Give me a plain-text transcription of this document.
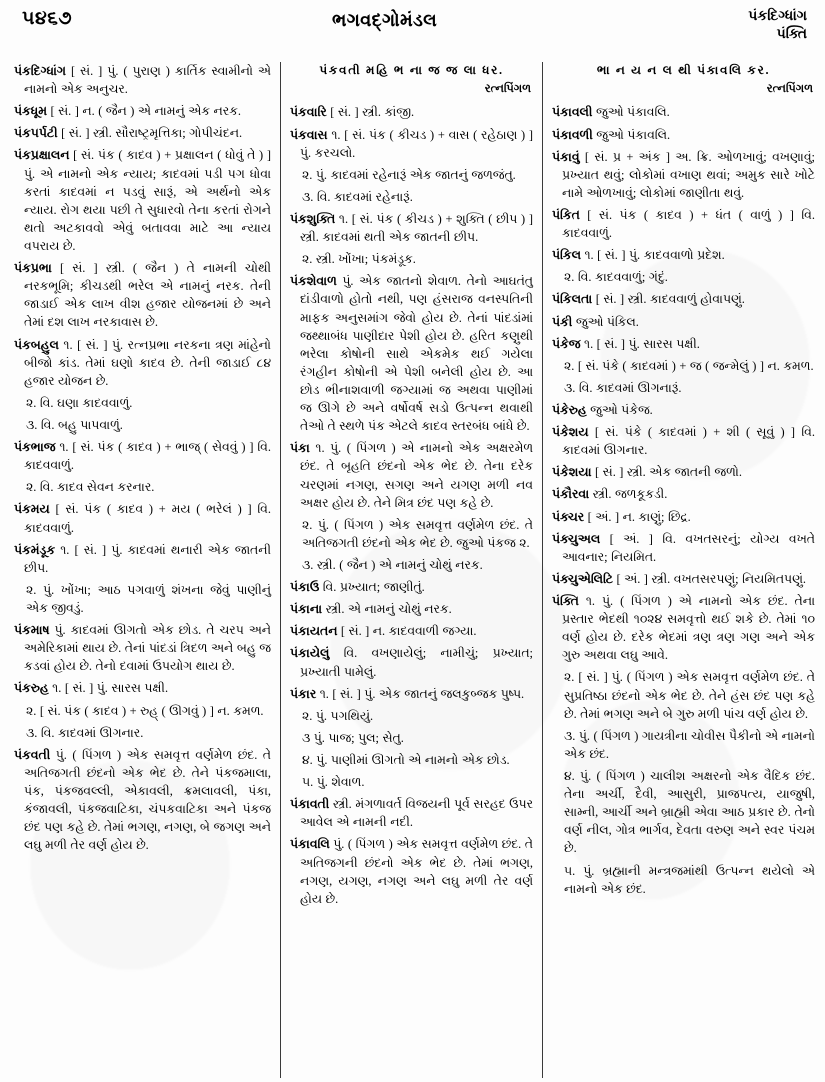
૫૪૬૭	ભગવદ્ગોમંડલ	પંકદિગ્ધાંગ
પંક્તિ

પંકદિગ્ધાંગ [ સં. ] પું. ( પુરાણ ) કાર્તિક સ્વામીનો એ નામનો એક અનુચર.

પંકધૂમ [ સં. ] ન. ( જૈન ) એ નામનું એક નરક.

પંકપર્પટી [ સં. ] સ્ત્રી. સૌરાષ્ટ્રમૃત્તિકા; ગોપીચંદન.

પંકપ્રક્ષાલન [ સં. પંક ( કાદવ ) + પ્રક્ષાલન ( ધોવું તે ) ] પું. એ નામનો એક ન્યાય; કાદવમાં પડી પગ ધોવા કરતાં કાદવમાં ન પડવું સારૂં, એ અર્થનો એક ન્યાય. રોગ થયા પછી તે સુધારવો તેના કરતાં રોગને થતો અટકાવવો એવું બતાવવા માટે આ ન્યાય વપરાય છે.

પંકપ્રભા [ સં. ] સ્ત્રી. ( જૈન ) તે નામની ચોથી નરકભૂમિ; કીચડથી ભરેલ એ નામનું નરક. તેની જાડાઈ એક લાખ વીશ હજાર યોજનમાં છે અને તેમાં દશ લાખ નરકાવાસ છે.

પંકબહુલ ૧. [ સં. ] પું. રત્નપ્રભા નરકના ત્રણ માંહેનો બીજો કાંડ. તેમાં ઘણો કાદવ છે. તેની જાડાઈ ૮૪ હજાર યોજન છે.

૨. વિ. ઘણા કાદવવાળું.

૩. વિ. બહુ પાપવાળું.

પંકભાજ ૧. [ સં. પંક ( કાદવ ) + ભાજ્ ( સેવવું ) ] વિ. કાદવવાળું.

૨. વિ. કાદવ સેવન કરનાર.

પંકમય [ સં. પંક ( કાદવ ) + મય ( ભરેલં ) ] વિ. કાદવવાળું.

પંકમંડૂક ૧. [ સં. ] પું. કાદવમાં થનારી એક જાતની છીપ.

૨. પું. ખોંખા; આઠ પગવાળું શંખના જેવું પાણીનું એક જીવડું.

પંકમાષ પું. કાદવમાં ઊગતો એક છોડ. તે ચરપ અને અમેરિકામાં થાય છે. તેનાં પાંદડાં ત્રિદળ અને બહુ જ કડવાં હોય છે. તેનો દવામાં ઉપયોગ થાય છે.

પંકરુહ ૧. [ સં. ] પું. સારસ પક્ષી.

૨. [ સં. પંક ( કાદવ ) + રુહ્ ( ઊગવું ) ] ન. કમળ.

૩. વિ. કાદવમાં ઊગનાર.

પંકવતી પું. ( પિંગળ ) એક સમવૃત્ત વર્ણમેળ છંદ. તે અતિજગતી છંદનો એક ભેદ છે. તેને પંકજમાલા, પંક, પંકજવલ્લી, એકાવલી, ક્રમલાવલી, પંકા, કંજાવલી, પંકજવાટિકા, ચંપકવાટિકા અને પંકજ છંદ પણ કહે છે. તેમાં ભગણ, નગણ, બે જગણ અને લઘુ મળી તેર વર્ણ હોય છે.

પંકવતી મહિ ભ ના જ જ લા ધર.

રત્નપિંગળ

પંકવારિ [ સં. ] સ્ત્રી. કાંજી.

પંકવાસ ૧. [ સં. પંક ( કીચડ ) + વાસ ( રહેઠાણ ) ] પું. કરચલો.

૨. પું. કાદવમાં રહેનારૂં એક જાતનું જળજંતુ.

૩. વિ. કાદવમાં રહેનારૂં.

પંકશુક્તિ ૧. [ સં. પંક ( કીચડ ) + શુક્તિ ( છીપ ) ] સ્ત્રી. કાદવમાં થતી એક જાતની છીપ.

૨. સ્ત્રી. ખોંખા; પંકમંડૂક.

પંકશેવાળ પું. એક જાતનો શેવાળ. તેનો આઘતંતુ દાંડીવાળો હોતો નથી, પણ હંસરાજ વનસ્પતિની માફક અનુસમાંગ જેવો હોય છે. તેનાં પાંદડાંમાં જથ્થાબંધ પાણીદાર પેશી હોય છે. હરિત કણુથી ભરેલા કોષોની સાથે એકમેક થઈ ગયેલા રંગહીન કોષોની એ પેશી બનેલી હોય છે. આ છોડ ભીનાશવાળી જગ્યામાં જ અથવા પાણીમાં જ ઊગે છે અને વર્ષોવર્ષ સડો ઉત્પન્ન થવાથી તેઓ તે સ્થળે પંક એટલે કાદવ સ્તરબંધ બાંધે છે.

પંકા ૧. પું. ( પિંગળ ) એ નામનો એક અક્ષરમેળ છંદ. તે બૃહતિ છંદનો એક ભેદ છે. તેના દરેક ચરણમાં નગણ, સગણ અને યગણ મળી નવ અક્ષર હોય છે. તેને મિત્ર છંદ પણ કહે છે.

૨. પું. ( પિંગળ ) એક સમવૃત્ત વર્ણમેળ છંદ. તે અતિજગતી છંદનો એક ભેદ છે. જુઓ પંકજ ૨.

૩. સ્ત્રી. ( જૈન ) એ નામનું ચોથું નરક.

પંકાઉ વિ. પ્રખ્યાત; જાણીતું.

પંકાના સ્ત્રી. એ નામનું ચોથું નરક.

પંકાયતન [ સં. ] ન. કાદવવાળી જગ્યા.

પંકાયેલું વિ. વખણાયેલું; નામીચું; પ્રખ્યાત; પ્રખ્યાતી પામેલું.

પંકાર ૧. [ સં. ] પું. એક જાતનું જલકુબ્જક પુષ્પ.

૨. પું. પગથિયું.

૩ પું. પાજ; પુલ; સેતુ.

૪. પું. પાણીમાં ઊગતો એ નામનો એક છોડ.

૫. પું. શેવાળ.

પંકાવતી સ્ત્રી. મંગળાવર્ત વિજયની પૂર્વ સરહદ ઉપર આવેલ એ નામની નદી.

પંકાવલિ પું. ( પિંગળ ) એક સમવૃત્ત વર્ણમેળ છંદ. તે અતિજગની છંદનો એક ભેદ છે. તેમાં ભગણ, નગણ, યગણ, નગણ અને લઘુ મળી તેર વર્ણ હોય છે.

ભા ન ય ન લ થી પંકાવલિ કર.

રત્નપિંગળ

પંકાવલી જુઓ પંકાવલિ.

પંકાવળી જુઓ પંકાવલિ.

પંકાવું [ સં. પ્ર + અંક ] અ. ક્રિ. ઓળખાવું; વખણાવું; પ્રખ્યાત થવું; લોકોમાં વખાણ થવાં; અમુક સારે ખોટે નામે ઓળખાવું; લોકોમાં જાણીતા થવું.

પંકિત [ સં. પંક ( કાદવ ) + ધંત ( વાળું ) ] વિ. કાદવવાળું.

પંકિલ ૧. [ સં. ] પું. કાદવવાળો પ્રદેશ.

૨. વિ. કાદવવાળું; ગંદું.

પંકિલતા [ સં. ] સ્ત્રી. કાદવવાળું હોવાપણું.

પંકી જુઓ પંકિલ.

પંકેજ ૧. [ સં. ] પું. સારસ પક્ષી.

૨. [ સં. પંકે ( કાદવમાં ) + જ ( જન્મેલું ) ] ન. કમળ.

૩. વિ. કાદવમાં ઊગનારૂં.

પંકેરુહ જુઓ પંકેજ.

પંકેશય [ સં. પંકે ( કાદવમાં ) + શી ( સૂવું ) ] વિ. કાદવમાં ઊગનાર.

પંકેશયા [ સં. ] સ્ત્રી. એક જાતની જળો.

પંકૌરવા સ્ત્રી. જળકૂકડી.

પંક્ચર [ અં. ] ન. કાણું; છિદ્ર.

પંક્ચુઅલ [ અં. ] વિ. વખતસરનું; યોગ્ય વખતે આવનાર; નિયમિત.

પંક્ચુએલિટિ [ અં. ] સ્ત્રી. વખતસરપણું; નિયમિતપણું.

પંક્તિ ૧. પું. ( પિંગળ ) એ નામનો એક છંદ. તેના પ્રસ્તાર ભેદથી ૧૦૨૪ સમવૃત્તો થઈ શકે છે. તેમાં ૧૦ વર્ણ હોય છે. દરેક ભેદમાં ત્રણ ત્રણ ગણ અને એક ગુરુ અથવા લઘુ આવે.

૨. [ સં. ] પું. ( પિંગળ ) એક સમવૃત્ત વર્ણમેળ છંદ. તે સુપ્રતિષ્ઠા છંદનો એક ભેદ છે. તેને હંસ છંદ પણ કહે છે. તેમાં ભગણ અને બે ગુરુ મળી પાંચ વર્ણ હોય છે.

૩. પું. ( પિંગળ ) ગાયત્રીના ચોવીસ પૈકીનો એ નામનો એક છંદ.

૪. પું. ( પિંગળ ) ચાલીશ અક્ષરનો એક વૈદિક છંદ. તેના અર્ચી, દૈવી, આસુરી, પ્રાજપત્ય, યાજુષી, સામ્ની, આર્ચી અને બ્રાહ્મી એવા આઠ પ્રકાર છે. તેનો વર્ણ નીલ, ગોત્ર ભાર્ગવ, દેવતા વરુણ અને સ્વર પંચમ છે.

૫. પું. બ્રહ્માની મન્ત્રજમાંથી ઉત્પન્ન થયેલો એ નામનો એક છંદ.
